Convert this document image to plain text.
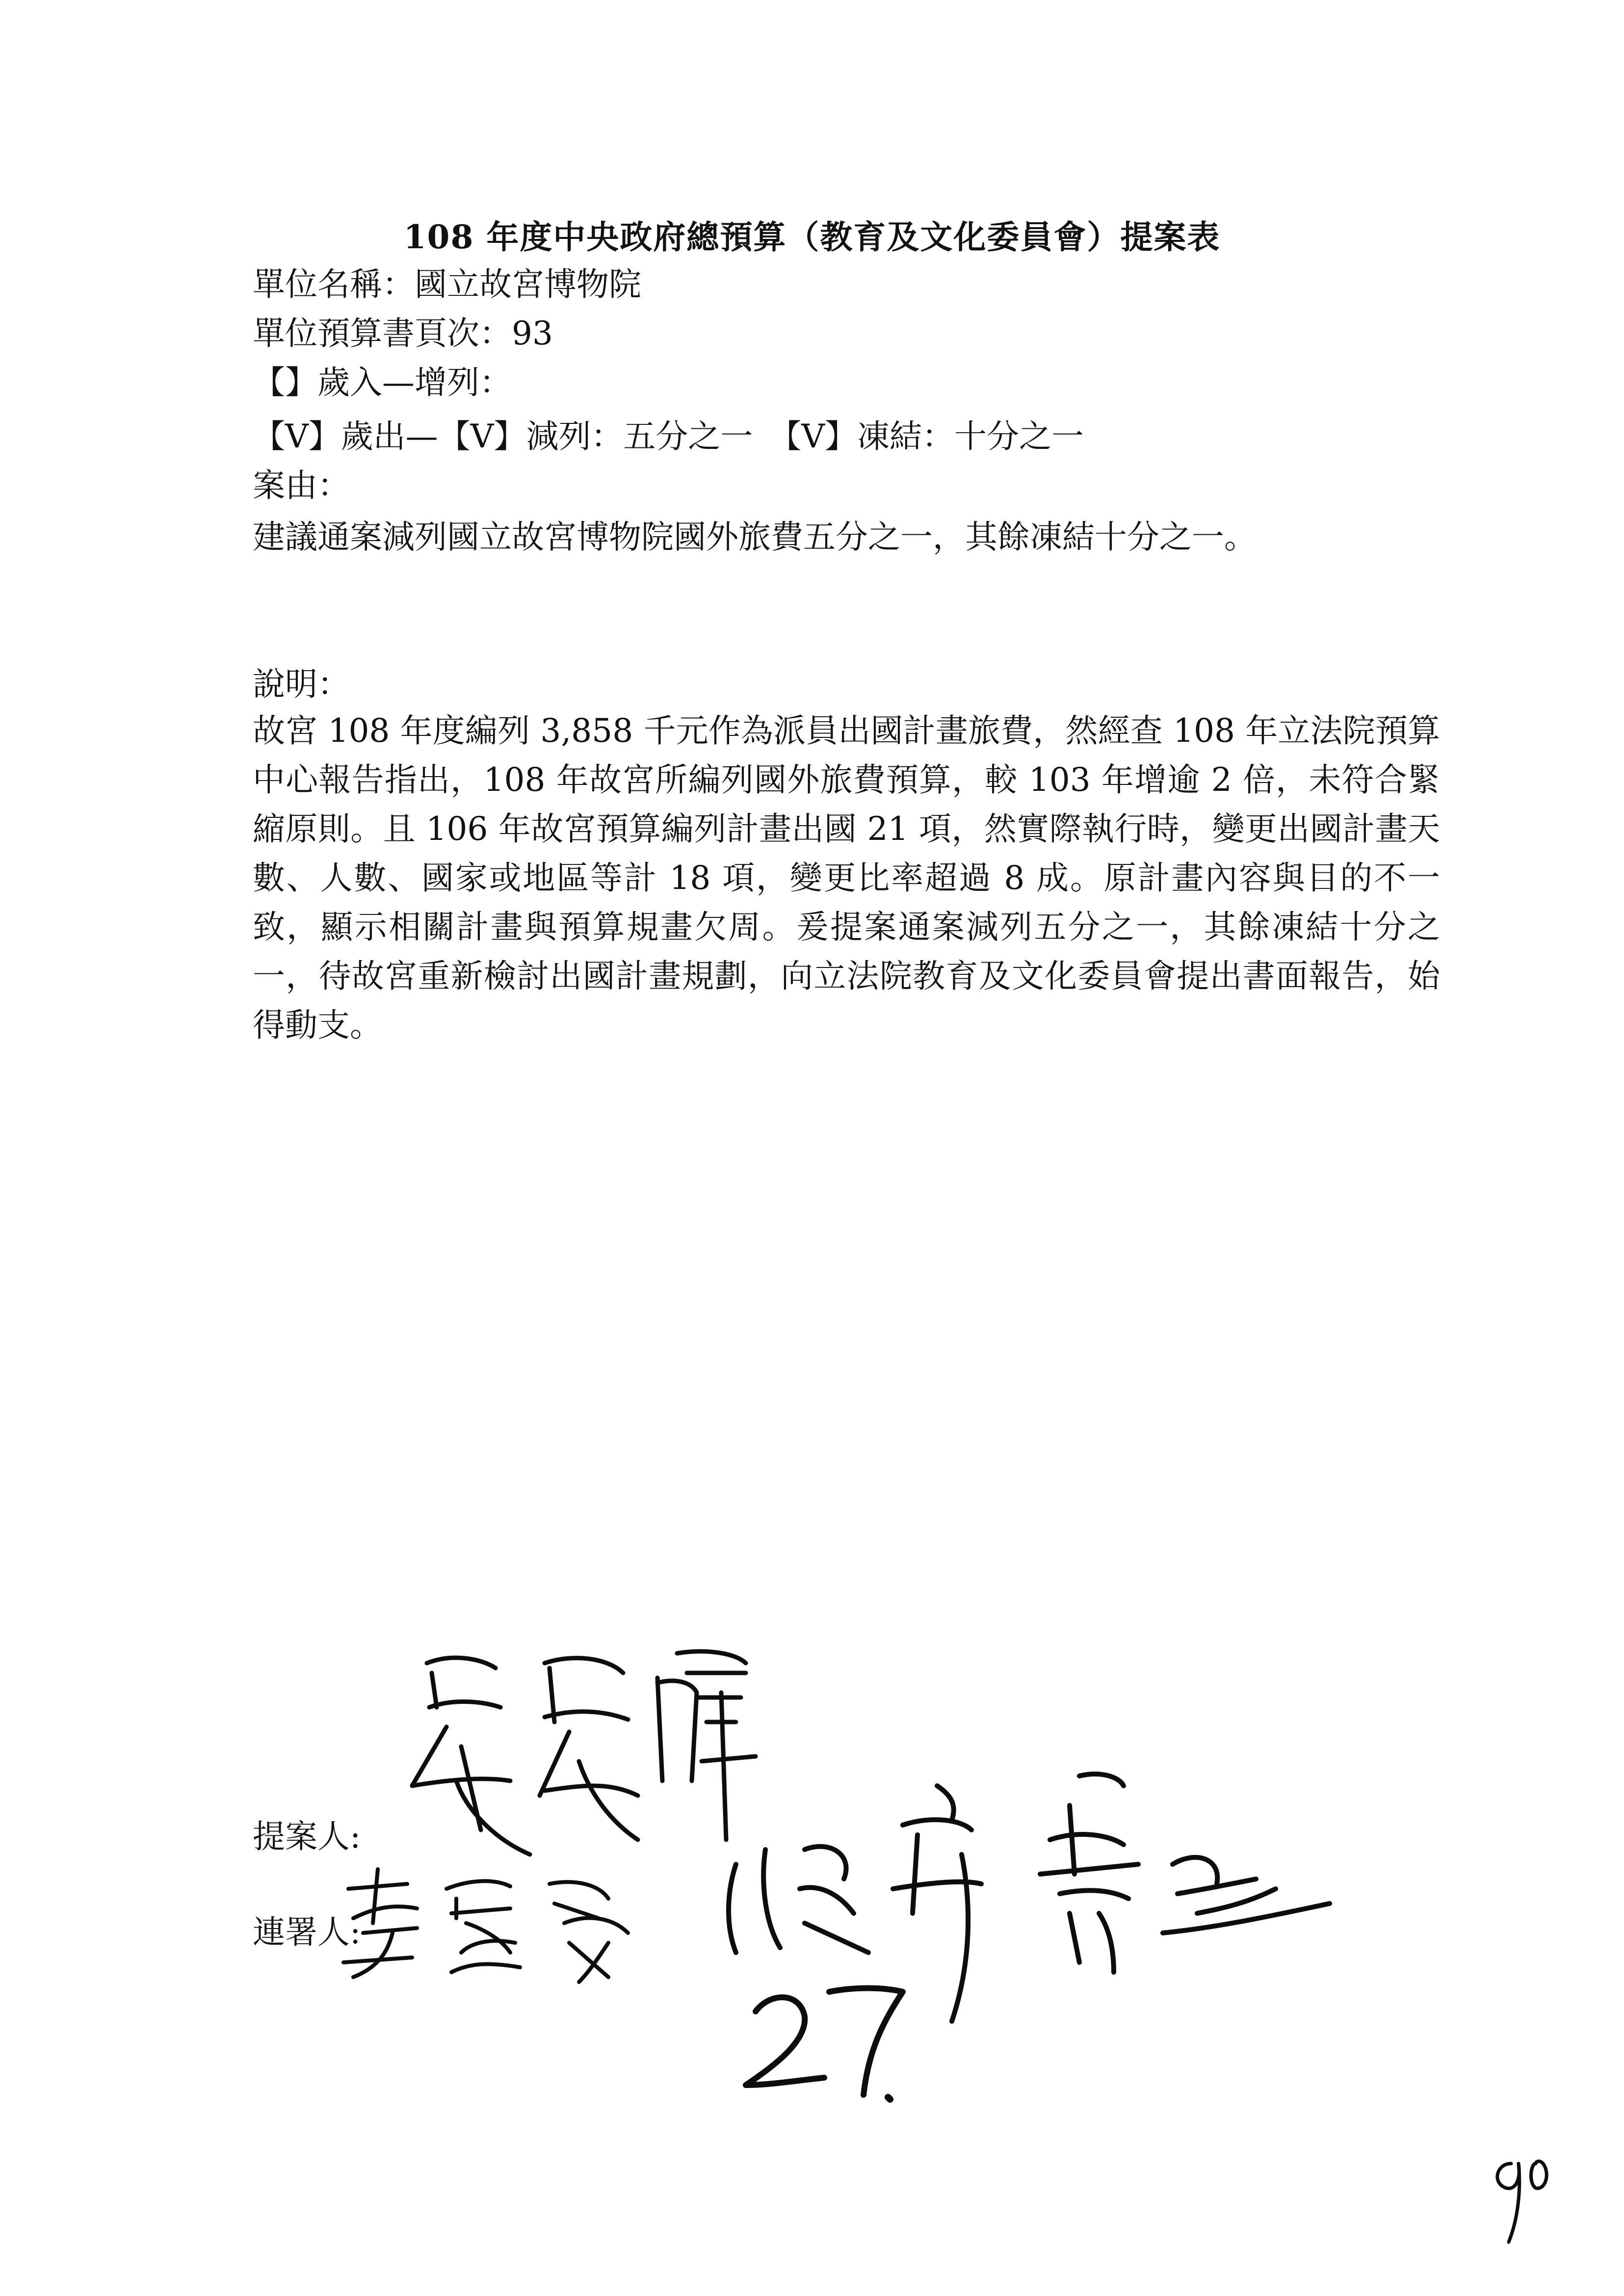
108 年度中央政府總預算（教育及文化委員會）提案表
單位名稱：國立故宮博物院
單位預算書頁次：93
【】歲入—增列：
【V】歲出—【V】減列：五分之一　【V】凍結：十分之一
案由：
建議通案減列國立故宮博物院國外旅費五分之一，其餘凍結十分之一。
說明：
故宮 108 年度編列 3,858 千元作為派員出國計畫旅費，然經查 108 年立法院預算中心報告指出，108 年故宮所編列國外旅費預算，較 103 年增逾 2 倍，未符合緊縮原則。且 106 年故宮預算編列計畫出國 21 項，然實際執行時，變更出國計畫天數、人數、國家或地區等計 18 項，變更比率超過 8 成。原計畫內容與目的不一致，顯示相關計畫與預算規畫欠周。爰提案通案減列五分之一，其餘凍結十分之一，待故宮重新檢討出國計畫規劃，向立法院教育及文化委員會提出書面報告，始得動支。
提案人:
連署人:
